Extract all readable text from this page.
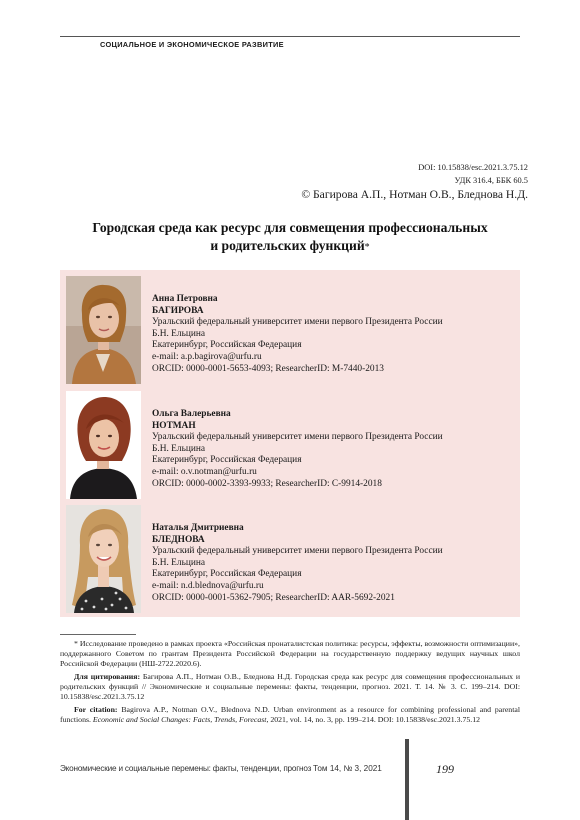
СОЦИАЛЬНОЕ И ЭКОНОМИЧЕСКОЕ РАЗВИТИЕ
DOI: 10.15838/esc.2021.3.75.12
УДК 316.4, ББК 60.5
© Багирова А.П., Нотман О.В., Бледнова Н.Д.
Городская среда как ресурс для совмещения профессиональных
и родительских функций*
Анна Петровна
БАГИРОВА
Уральский федеральный университет имени первого Президента России
Б.Н. Ельцина
Екатеринбург, Российская Федерация
e-mail: a.p.bagirova@urfu.ru
ORCID: 0000-0001-5653-4093; ResearcherID: M-7440-2013
Ольга Валерьевна
НОТМАН
Уральский федеральный университет имени первого Президента России
Б.Н. Ельцина
Екатеринбург, Российская Федерация
e-mail: o.v.notman@urfu.ru
ORCID: 0000-0002-3393-9933; ResearcherID: C-9914-2018
Наталья Дмитриевна
БЛЕДНОВА
Уральский федеральный университет имени первого Президента России
Б.Н. Ельцина
Екатеринбург, Российская Федерация
e-mail: n.d.blednova@urfu.ru
ORCID: 0000-0001-5362-7905; ResearcherID: AAR-5692-2021

* Исследование проведено в рамках проекта «Российская пронаталистская политика: ресурсы, эффекты, возможности оптимизации», поддержанного Советом по грантам Президента Российской Федерации на государственную поддержку ведущих научных школ Российской Федерации (НШ-2722.2020.6).

Для цитирования: Багирова А.П., Нотман О.В., Бледнова Н.Д. Городская среда как ресурс для совмещения профессиональных и родительских функций // Экономические и социальные перемены: факты, тенденции, прогноз. 2021. Т. 14. № 3. С. 199–214. DOI: 10.15838/esc.2021.3.75.12

For citation: Bagirova A.P., Notman O.V., Blednova N.D. Urban environment as a resource for combining professional and parental functions. Economic and Social Changes: Facts, Trends, Forecast, 2021, vol. 14, no. 3, pp. 199–214. DOI: 10.15838/esc.2021.3.75.12

Экономические и социальные перемены: факты, тенденции, прогноз Том 14, № 3, 2021	199
